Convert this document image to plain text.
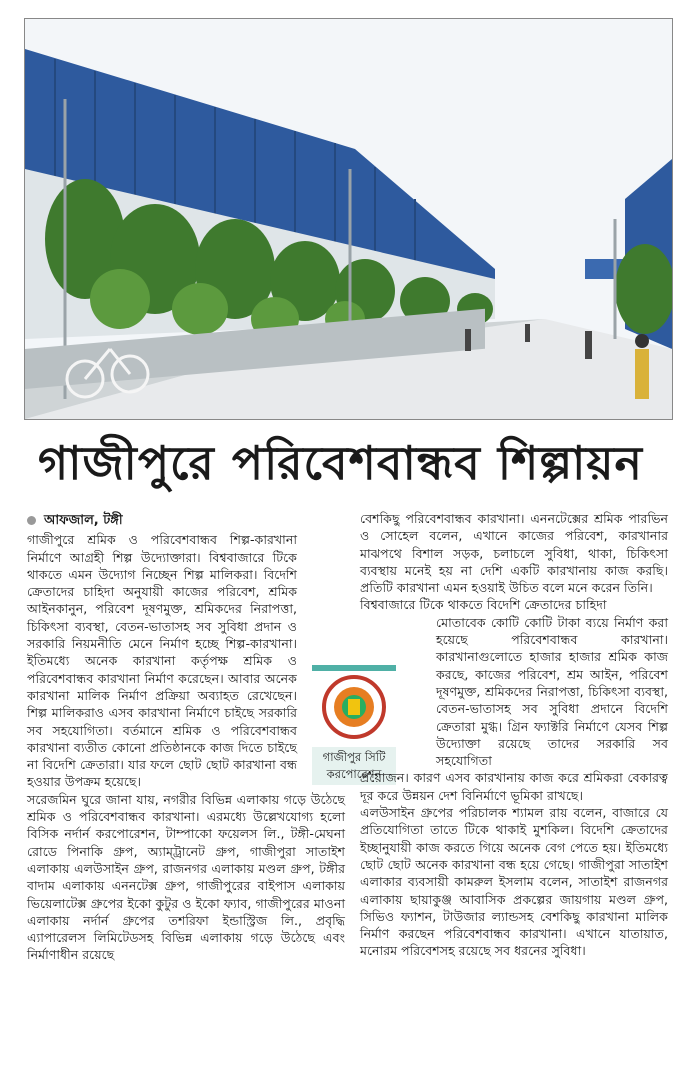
গাজীপুরে পরিবেশবান্ধব শিল্পায়ন
আফজাল, টঙ্গী

গাজীপুরে শ্রমিক ও পরিবেশবান্ধব শিল্প-কারখানা নির্মাণে আগ্রহী শিল্প উদ্যোক্তারা। বিশ্ববাজারে টিকে থাকতে এমন উদ্যোগ নিচ্ছেন শিল্প মালিকরা। বিদেশি ক্রেতাদের চাহিদা অনুযায়ী কাজের পরিবেশ, শ্রমিক আইনকানুন, পরিবেশ দূষণমুক্ত, শ্রমিকদের নিরাপত্তা, চিকিৎসা ব্যবস্থা, বেতন-ভাতাসহ সব সুবিধা প্রদান ও সরকারি নিয়মনীতি মেনে নির্মাণ হচ্ছে শিল্প-কারখানা। ইতিমধ্যে অনেক কারখানা কর্তৃপক্ষ শ্রমিক ও পরিবেশবান্ধব কারখানা নির্মাণ করেছেন। আবার অনেক কারখানা মালিক নির্মাণ প্রক্রিয়া অব্যাহত রেখেছেন। শিল্প মালিকরাও এসব কারখানা নির্মাণে চাইছে সরকারি সব সহযোগিতা। বর্তমানে শ্রমিক ও পরিবেশবান্ধব কারখানা ব্যতীত কোনো প্রতিষ্ঠানকে কাজ দিতে চাইছে না বিদেশি ক্রেতারা। যার ফলে ছোট ছোট কারখানা বন্ধ হওয়ার উপক্রম হয়েছে।

সরেজমিন ঘুরে জানা যায়, নগরীর বিভিন্ন এলাকায় গড়ে উঠেছে শ্রমিক ও পরিবেশবান্ধব কারখানা। এরমধ্যে উল্লেখযোগ্য হলো বিসিক নর্দার্ন করপোরেশন, টাম্পাকো ফয়েলস লি., টঙ্গী-মেঘনা রোডে পিনাকি গ্রুপ, অ্যাম্ট্রানেট গ্রুপ, গাজীপুরা সাতাইশ এলাকায় এলউসাইন গ্রুপ, রাজনগর এলাকায় মণ্ডল গ্রুপ, টঙ্গীর বাদাম এলাকায় এননটেক্স গ্রুপ, গাজীপুরের বাইপাস এলাকায় ভিয়েলাটেক্স গ্রুপের ইকো কুটুর ও ইকো ফ্যাব, গাজীপুরের মাওনা এলাকায় নর্দার্ন গ্রুপের তশরিফা ইন্ডাস্ট্রিজ লি., প্রবৃদ্ধি এ্যাপারেলস লিমিটেডসহ বিভিন্ন এলাকায় গড়ে উঠেছে এবং নির্মাণাধীন রয়েছে

গাজীপুর সিটি
করপোরেশন

বেশকিছু পরিবেশবান্ধব কারখানা। এননটেক্সের শ্রমিক পারভিন ও সোহেল বলেন, এখানে কাজের পরিবেশ, কারখানার মাঝপথে বিশাল সড়ক, চলাচলে সুবিধা, থাকা, চিকিৎসা ব্যবস্থায় মনেই হয় না দেশি একটি কারখানায় কাজ করছি। প্রতিটি কারখানা এমন হওয়াই উচিত বলে মনে করেন তিনি।

বিশ্ববাজারে টিকে থাকতে বিদেশি ক্রেতাদের চাহিদা

মোতাবেক কোটি কোটি টাকা ব্যয়ে নির্মাণ করা হয়েছে পরিবেশবান্ধব কারখানা। কারখানাগুলোতে হাজার হাজার শ্রমিক কাজ করছে, কাজের পরিবেশ, শ্রম আইন, পরিবেশ দূষণমুক্ত, শ্রমিকদের নিরাপত্তা, চিকিৎসা ব্যবস্থা, বেতন-ভাতাসহ সব সুবিধা প্রদানে বিদেশি ক্রেতারা মুগ্ধ। গ্রিন ফ্যাক্টরি নির্মাণে যেসব শিল্প উদ্যোক্তা রয়েছে তাদের সরকারি সব সহযোগিতা

প্রয়োজন। কারণ এসব কারখানায় কাজ করে শ্রমিকরা বেকারত্ব দূর করে উন্নয়ন দেশ বিনির্মাণে ভূমিকা রাখছে।

এলউসাইন গ্রুপের পরিচালক শ্যামল রায় বলেন, বাজারে যে প্রতিযোগিতা তাতে টিকে থাকাই মুশকিল। বিদেশি ক্রেতাদের ইচ্ছানুযায়ী কাজ করতে গিয়ে অনেক বেগ পেতে হয়। ইতিমধ্যে ছোট ছোট অনেক কারখানা বন্ধ হয়ে গেছে। গাজীপুরা সাতাইশ এলাকার ব্যবসায়ী কামরুল ইসলাম বলেন, সাতাইশ রাজনগর এলাকায় ছায়াকুঞ্জ আবাসিক প্রকল্পের জায়গায় মণ্ডল গ্রুপ, সিভিও ফ্যাশন, টাউজার ল্যান্ডসহ বেশকিছু কারখানা মালিক নির্মাণ করছেন পরিবেশবান্ধব কারখানা। এখানে যাতায়াত, মনোরম পরিবেশসহ রয়েছে সব ধরনের সুবিধা।
